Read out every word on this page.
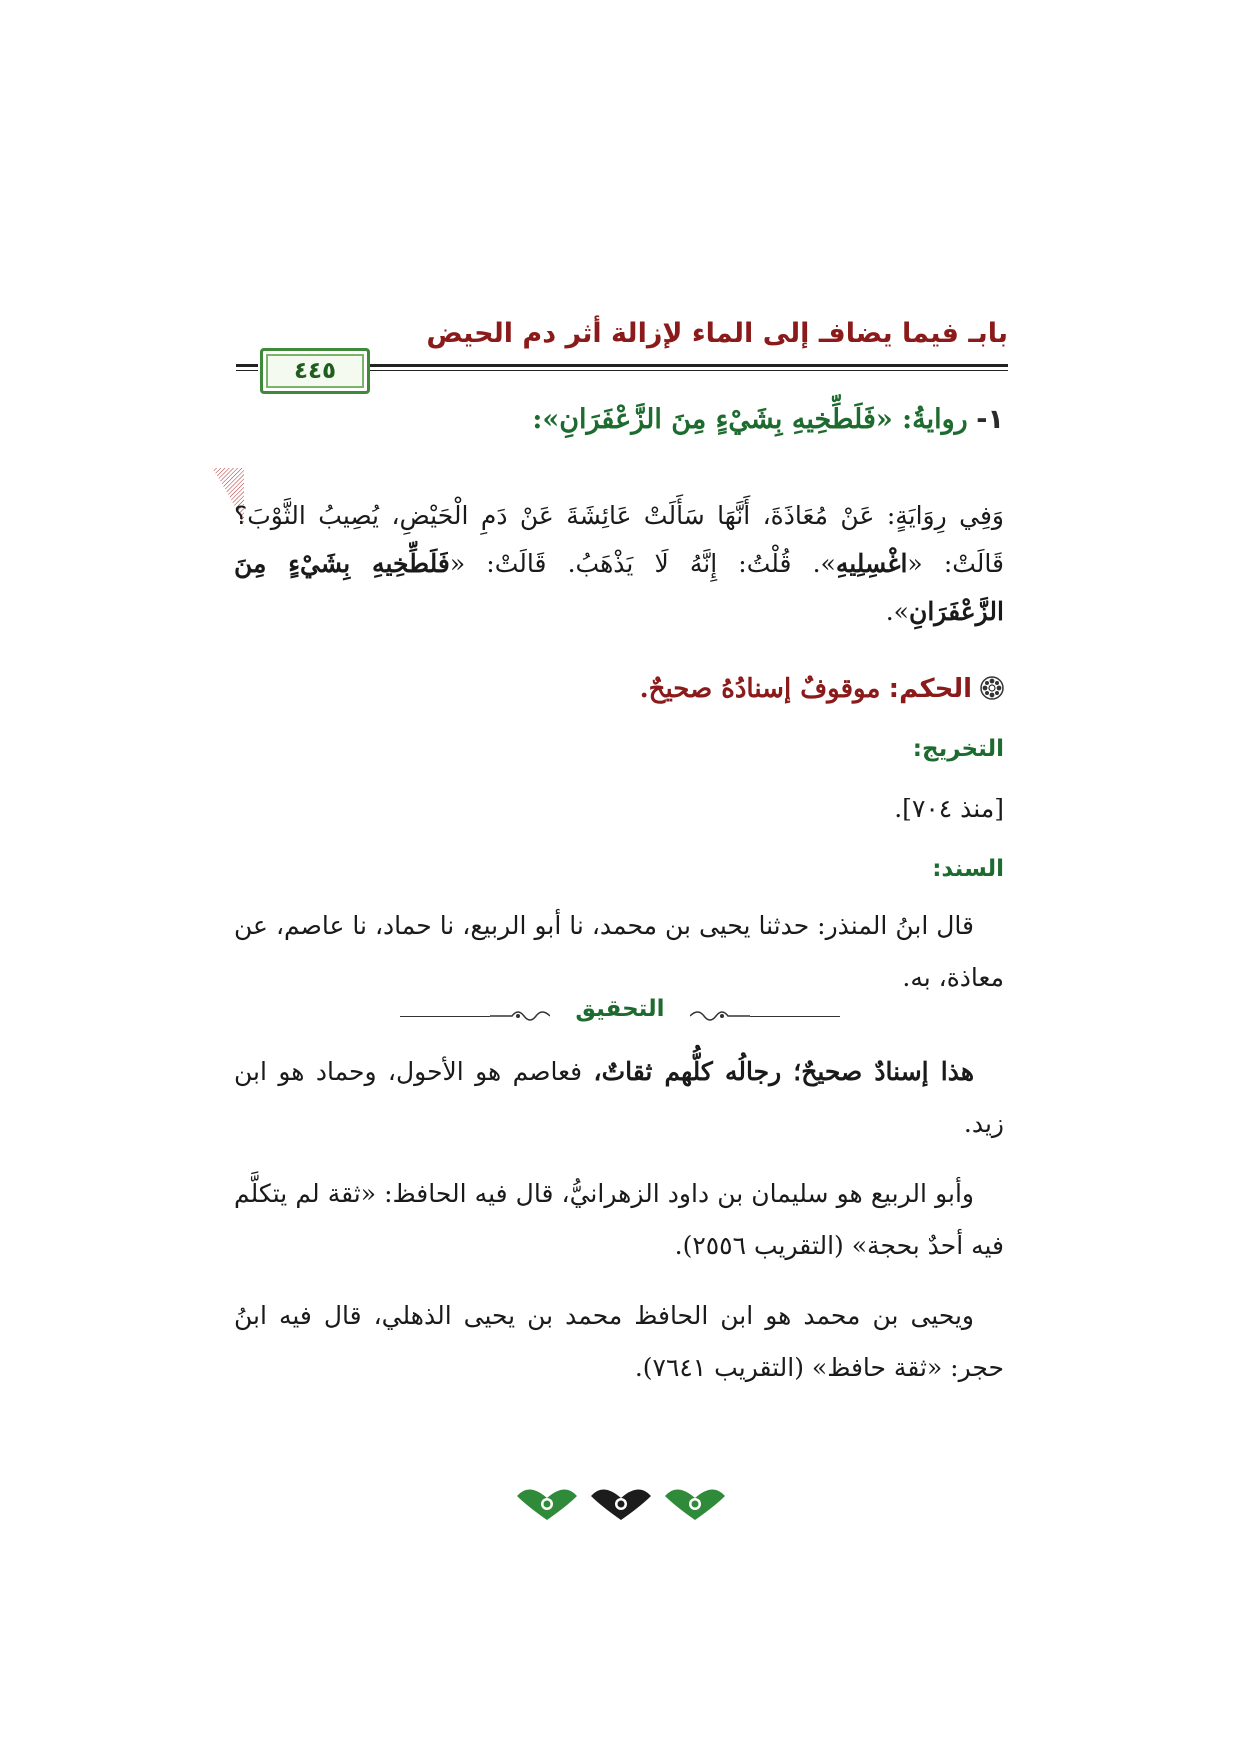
بابـ فيما يضافـ إلى الماء لإزالة أثر دم الحيض
٤٤٥
١- روايةُ: «فَلَطِّخِيهِ بِشَيْءٍ مِنَ الزَّعْفَرَانِ»:
وَفِي رِوَايَةٍ: عَنْ مُعَاذَةَ، أَنَّهَا سَأَلَتْ عَائِشَةَ عَنْ دَمِ الْحَيْضِ، يُصِيبُ الثَّوْبَ؟ قَالَتْ: «اغْسِلِيهِ». قُلْتُ: إِنَّهُ لَا يَذْهَبُ. قَالَتْ: «فَلَطِّخِيهِ بِشَيْءٍ مِنَ الزَّعْفَرَانِ».
الحكم: موقوفٌ إسنادُهُ صحيحٌ.
التخريج:
[منذ ٧٠٤].
السند:
قال ابنُ المنذر: حدثنا يحيى بن محمد، نا أبو الربيع، نا حماد، نا عاصم، عن معاذة، به.
التحقيق
هذا إسنادٌ صحيحٌ؛ رجالُه كلُّهم ثقاتٌ، فعاصم هو الأحول، وحماد هو ابن زيد.
وأبو الربيع هو سليمان بن داود الزهرانيُّ، قال فيه الحافظ: «ثقة لم يتكلَّم فيه أحدٌ بحجة» (التقريب ٢٥٥٦).
ويحيى بن محمد هو ابن الحافظ محمد بن يحيى الذهلي، قال فيه ابنُ حجر: «ثقة حافظ» (التقريب ٧٦٤١).
